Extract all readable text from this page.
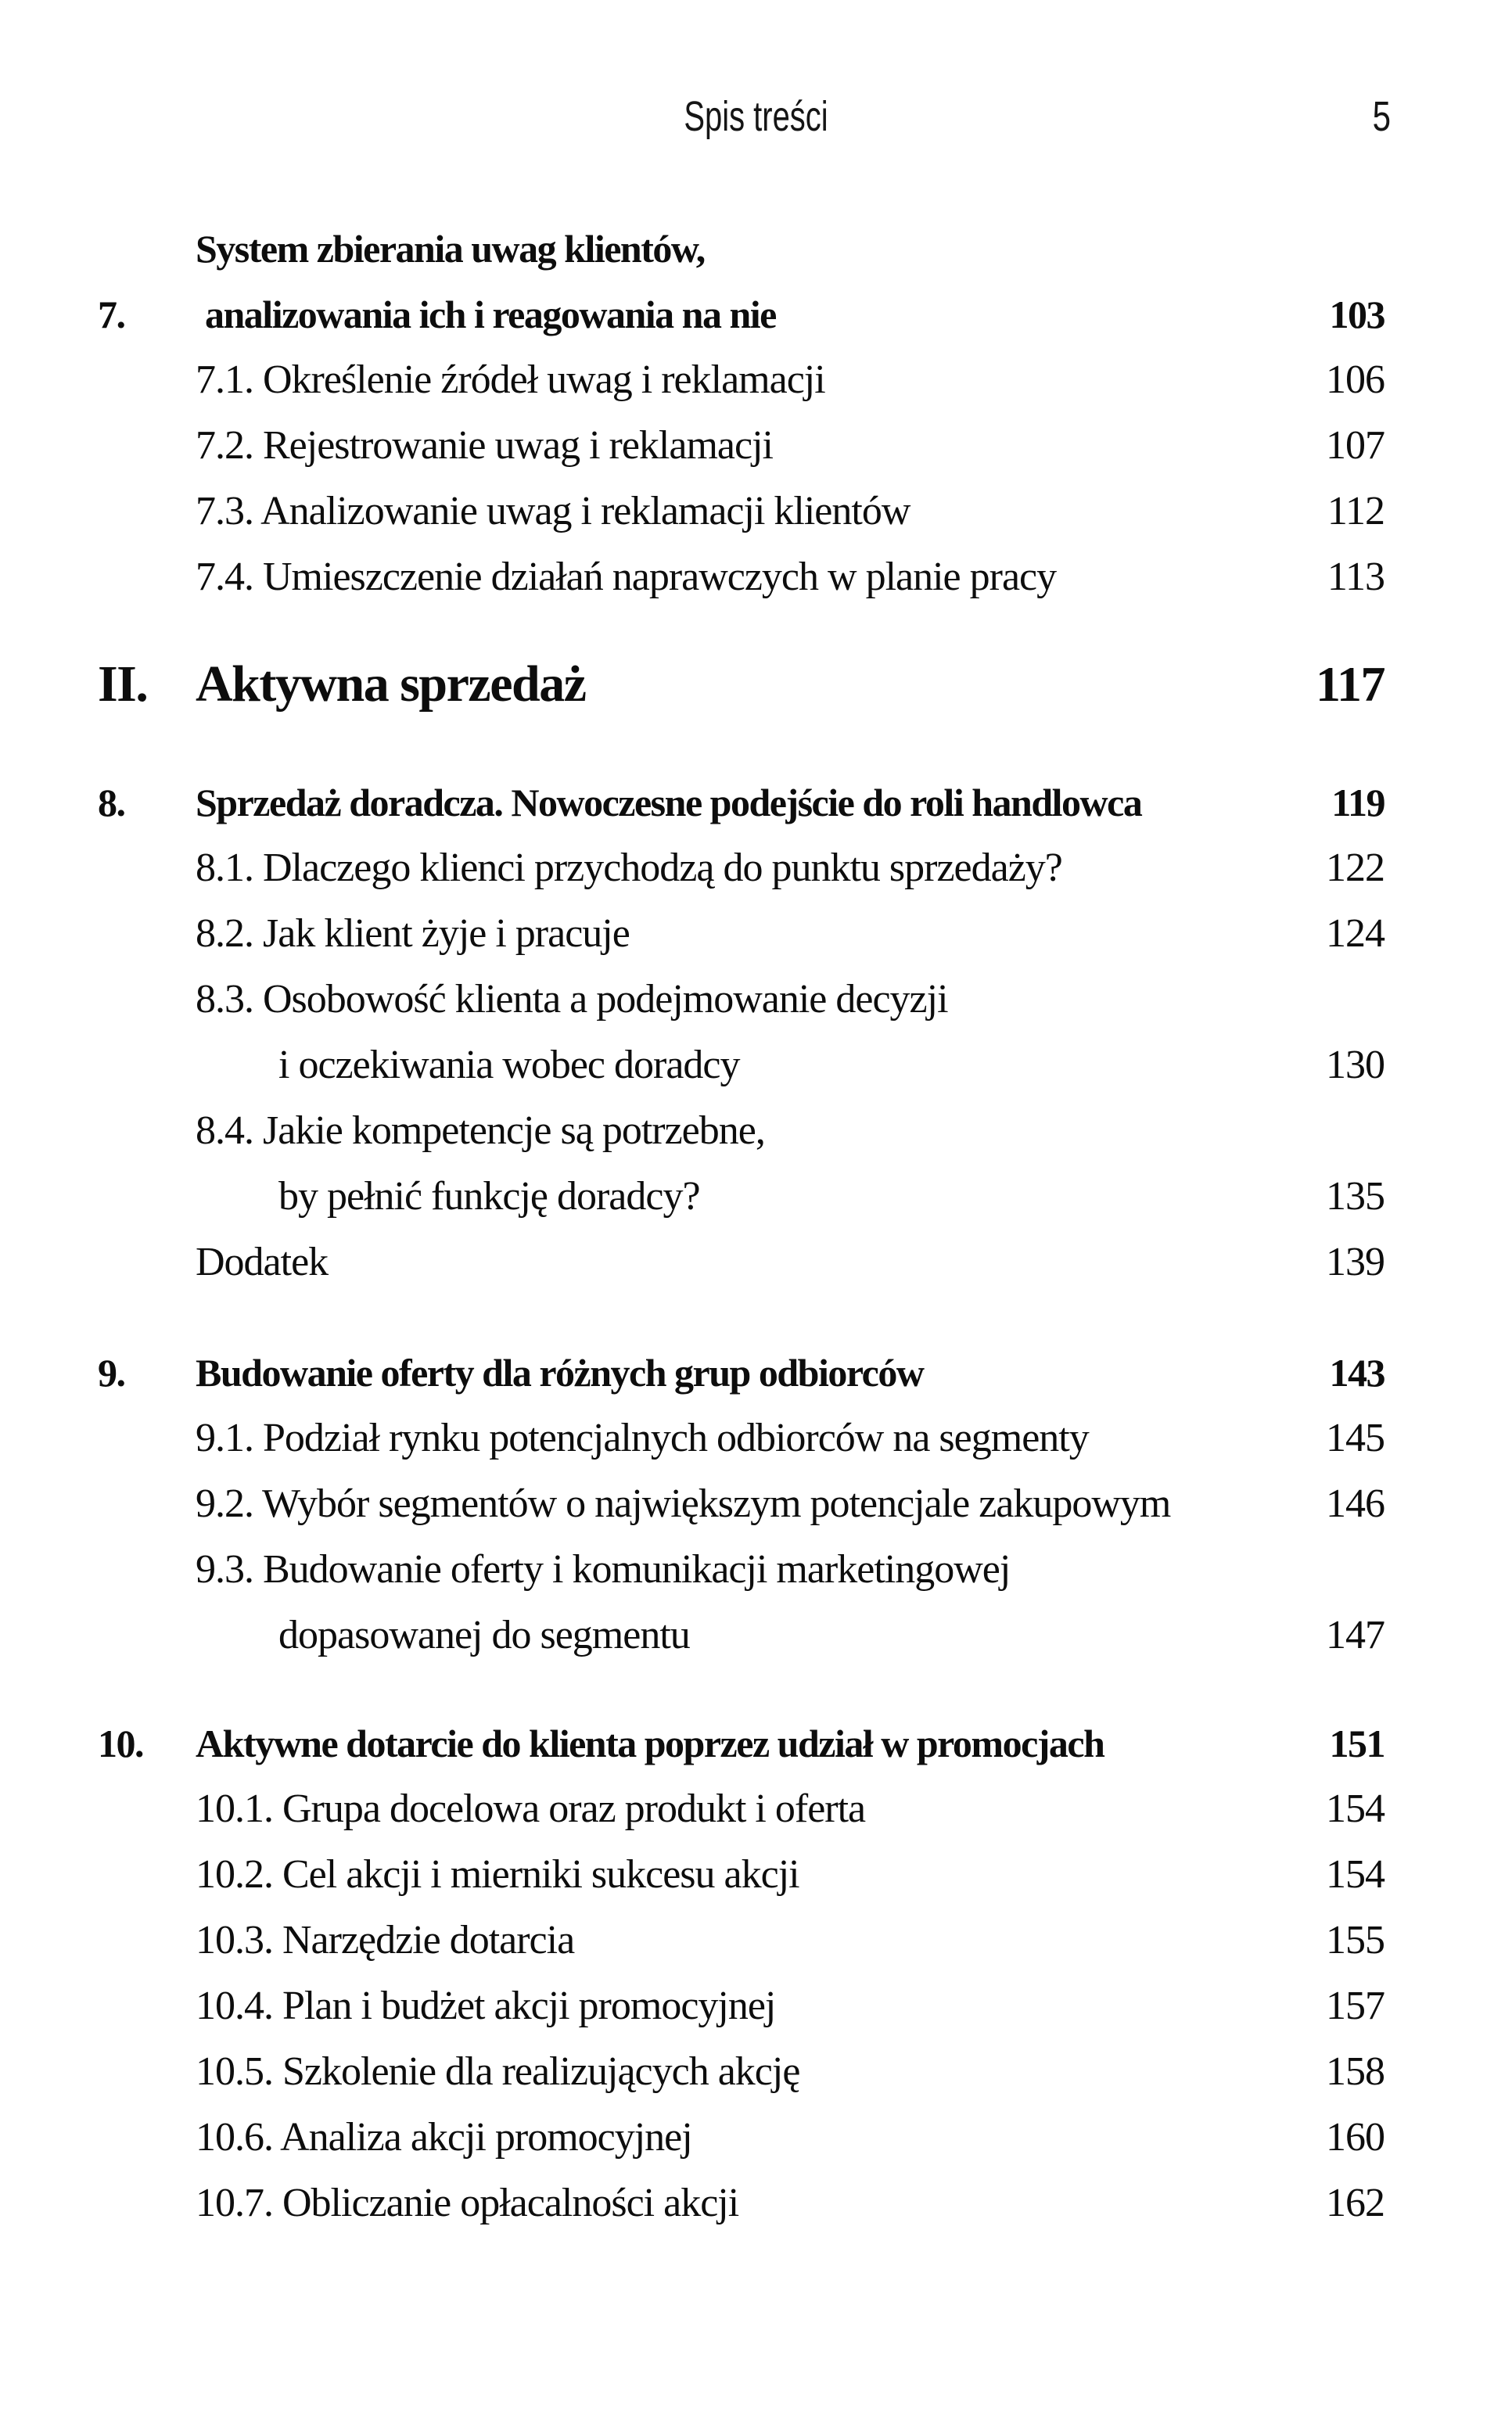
Spis treści	5
7.
System zbierania uwag klientów,
analizowania ich i reagowania na nie	103
7.1. Określenie źródeł uwag i reklamacji	106
7.2. Rejestrowanie uwag i reklamacji	107
7.3. Analizowanie uwag i reklamacji klientów	112
7.4. Umieszczenie działań naprawczych w planie pracy	113
II. Aktywna sprzedaż	117
8.	Sprzedaż doradcza. Nowoczesne podejście do roli handlowca	119
8.1. Dlaczego klienci przychodzą do punktu sprzedaży?	122
8.2. Jak klient żyje i pracuje	124
8.3. Osobowość klienta a podejmowanie decyzji
i oczekiwania wobec doradcy	130
8.4. Jakie kompetencje są potrzebne,
by pełnić funkcję doradcy?	135
Dodatek	139
9.	Budowanie oferty dla różnych grup odbiorców	143
9.1. Podział rynku potencjalnych odbiorców na segmenty	145
9.2. Wybór segmentów o największym potencjale zakupowym	146
9.3. Budowanie oferty i komunikacji marketingowej
dopasowanej do segmentu	147
10.	Aktywne dotarcie do klienta poprzez udział w promocjach	151
10.1. Grupa docelowa oraz produkt i oferta	154
10.2. Cel akcji i mierniki sukcesu akcji	154
10.3. Narzędzie dotarcia	155
10.4. Plan i budżet akcji promocyjnej	157
10.5. Szkolenie dla realizujących akcję	158
10.6. Analiza akcji promocyjnej	160
10.7. Obliczanie opłacalności akcji	162
